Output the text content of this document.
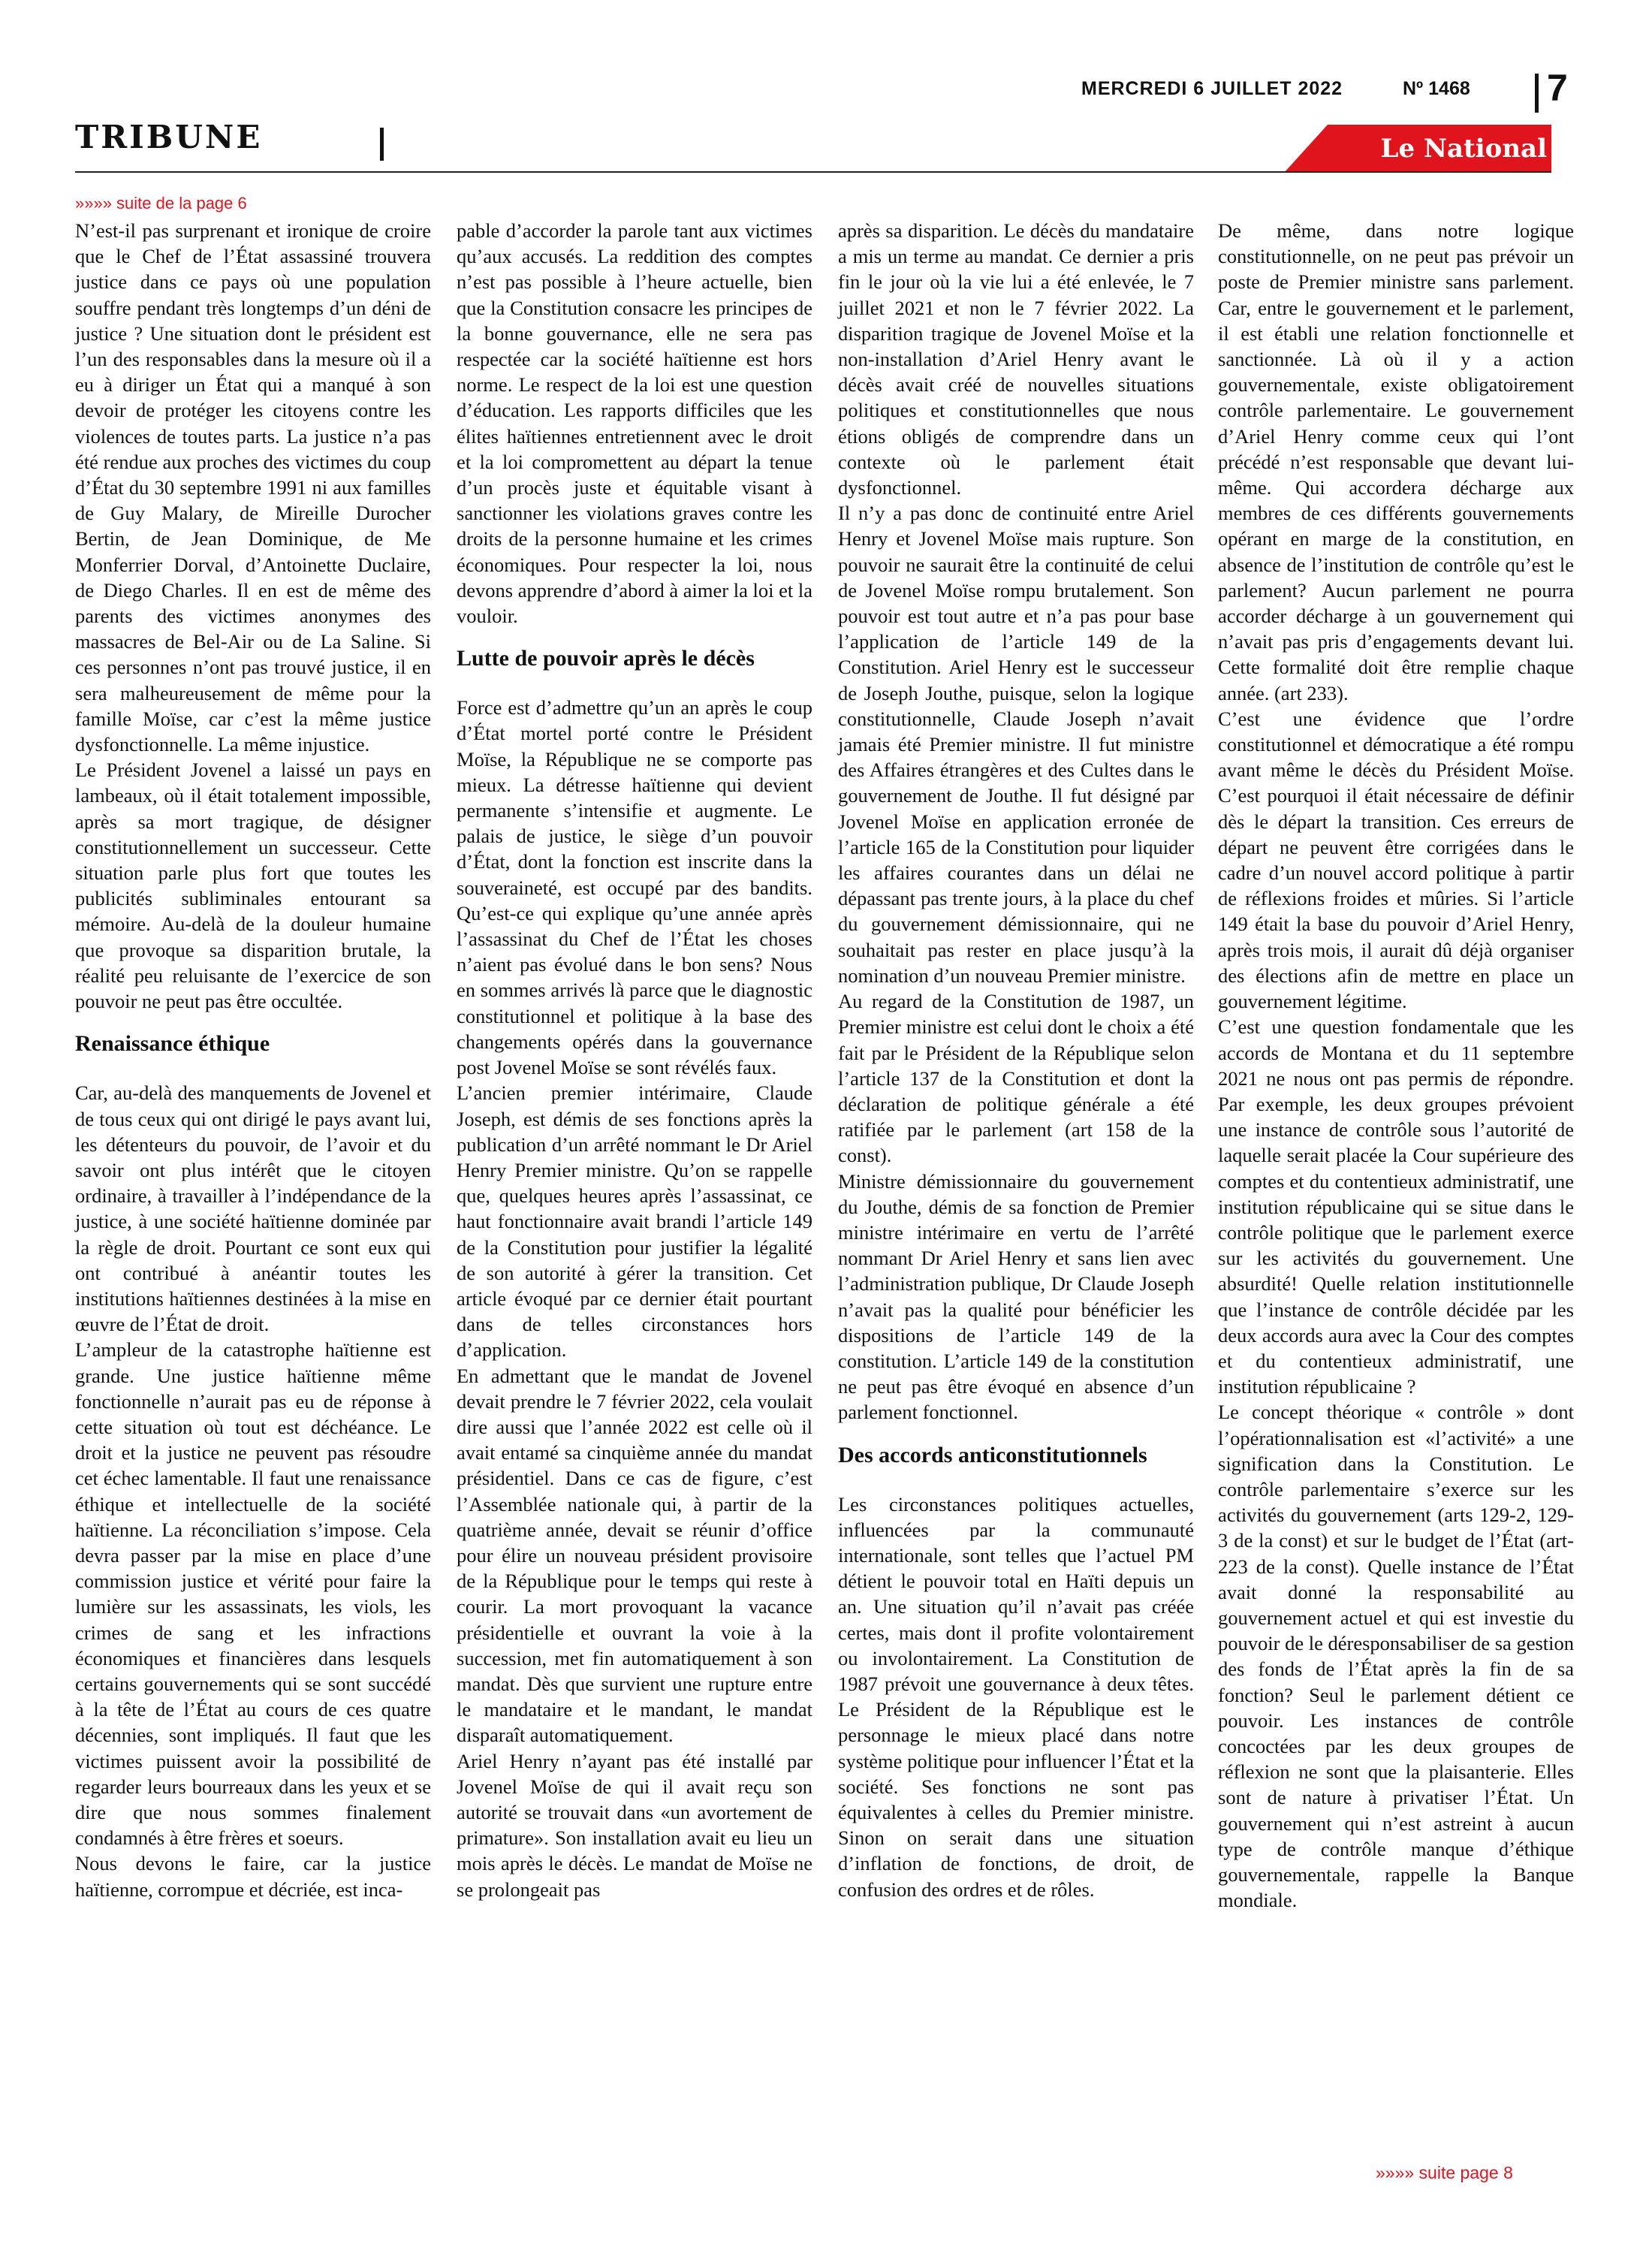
MERCREDI 6 JUILLET 2022	Nº 1468 7
TRIBUNE	Le National
»»»» suite de la page 6

N’est-il pas surprenant et ironique de croire que le Chef de l’État assassiné trouvera justice dans ce pays où une population souffre pendant très longtemps d’un déni de justice ? Une situation dont le président est l’un des responsables dans la mesure où il a eu à diriger un État qui a manqué à son devoir de protéger les citoyens contre les violences de toutes parts. La justice n’a pas été rendue aux proches des victimes du coup d’État du 30 septembre 1991 ni aux familles de Guy Malary, de Mireille Durocher Bertin, de Jean Dominique, de Me Monferrier Dorval, d’Antoinette Duclaire, de Diego Charles. Il en est de même des parents des victimes anonymes des massacres de Bel-Air ou de La Saline. Si ces personnes n’ont pas trouvé justice, il en sera malheureusement de même pour la famille Moïse, car c’est la même justice dysfonctionnelle. La même injustice.

Le Président Jovenel a laissé un pays en lambeaux, où il était totalement impossible, après sa mort tragique, de désigner constitutionnellement un successeur. Cette situation parle plus fort que toutes les publicités subliminales entourant sa mémoire. Au-delà de la douleur humaine que provoque sa disparition brutale, la réalité peu reluisante de l’exercice de son pouvoir ne peut pas être occultée.

Renaissance éthique

Car, au-delà des manquements de Jovenel et de tous ceux qui ont dirigé le pays avant lui, les détenteurs du pouvoir, de l’avoir et du savoir ont plus intérêt que le citoyen ordinaire, à travailler à l’indépendance de la justice, à une société haïtienne dominée par la règle de droit. Pourtant ce sont eux qui ont contribué à anéantir toutes les institutions haïtiennes destinées à la mise en œuvre de l’État de droit.

L’ampleur de la catastrophe haïtienne est grande. Une justice haïtienne même fonctionnelle n’aurait pas eu de réponse à cette situation où tout est déchéance. Le droit et la justice ne peuvent pas résoudre cet échec lamentable. Il faut une renaissance éthique et intellectuelle de la société haïtienne. La réconciliation s’impose. Cela devra passer par la mise en place d’une commission justice et vérité pour faire la lumière sur les assassinats, les viols, les crimes de sang et les infractions économiques et financières dans lesquels certains gouvernements qui se sont succédé à la tête de l’État au cours de ces quatre décennies, sont impliqués. Il faut que les victimes puissent avoir la possibilité de regarder leurs bourreaux dans les yeux et se dire que nous sommes finalement condamnés à être frères et soeurs.

Nous devons le faire, car la justice haïtienne, corrompue et décriée, est inca-

pable d’accorder la parole tant aux victimes qu’aux accusés. La reddition des comptes n’est pas possible à l’heure actuelle, bien que la Constitution consacre les principes de la bonne gouvernance, elle ne sera pas respectée car la société haïtienne est hors norme. Le respect de la loi est une question d’éducation. Les rapports difficiles que les élites haïtiennes entretiennent avec le droit et la loi compromettent au départ la tenue d’un procès juste et équitable visant à sanctionner les violations graves contre les droits de la personne humaine et les crimes économiques. Pour respecter la loi, nous devons apprendre d’abord à aimer la loi et la vouloir.

Lutte de pouvoir après le décès

Force est d’admettre qu’un an après le coup d’État mortel porté contre le Président Moïse, la République ne se comporte pas mieux. La détresse haïtienne qui devient permanente s’intensifie et augmente. Le palais de justice, le siège d’un pouvoir d’État, dont la fonction est inscrite dans la souveraineté, est occupé par des bandits. Qu’est-ce qui explique qu’une année après l’assassinat du Chef de l’État les choses n’aient pas évolué dans le bon sens? Nous en sommes arrivés là parce que le diagnostic constitutionnel et politique à la base des changements opérés dans la gouvernance post Jovenel Moïse se sont révélés faux.

L’ancien premier intérimaire, Claude Joseph, est démis de ses fonctions après la publication d’un arrêté nommant le Dr Ariel Henry Premier ministre. Qu’on se rappelle que, quelques heures après l’assassinat, ce haut fonctionnaire avait brandi l’article 149 de la Constitution pour justifier la légalité de son autorité à gérer la transition. Cet article évoqué par ce dernier était pourtant dans de telles circonstances hors d’application.

En admettant que le mandat de Jovenel devait prendre le 7 février 2022, cela voulait dire aussi que l’année 2022 est celle où il avait entamé sa cinquième année du mandat présidentiel. Dans ce cas de figure, c’est l’Assemblée nationale qui, à partir de la quatrième année, devait se réunir d’office pour élire un nouveau président provisoire de la République pour le temps qui reste à courir. La mort provoquant la vacance présidentielle et ouvrant la voie à la succession, met fin automatiquement à son mandat. Dès que survient une rupture entre le mandataire et le mandant, le mandat disparaît automatiquement.

Ariel Henry n’ayant pas été installé par Jovenel Moïse de qui il avait reçu son autorité se trouvait dans «un avortement de primature». Son installation avait eu lieu un mois après le décès. Le mandat de Moïse ne se prolongeait pas

après sa disparition. Le décès du mandataire a mis un terme au mandat. Ce dernier a pris fin le jour où la vie lui a été enlevée, le 7 juillet 2021 et non le 7 février 2022. La disparition tragique de Jovenel Moïse et la non-installation d’Ariel Henry avant le décès avait créé de nouvelles situations politiques et constitutionnelles que nous étions obligés de comprendre dans un contexte où le parlement était dysfonctionnel.

Il n’y a pas donc de continuité entre Ariel Henry et Jovenel Moïse mais rupture. Son pouvoir ne saurait être la continuité de celui de Jovenel Moïse rompu brutalement. Son pouvoir est tout autre et n’a pas pour base l’application de l’article 149 de la Constitution. Ariel Henry est le successeur de Joseph Jouthe, puisque, selon la logique constitutionnelle, Claude Joseph n’avait jamais été Premier ministre. Il fut ministre des Affaires étrangères et des Cultes dans le gouvernement de Jouthe. Il fut désigné par Jovenel Moïse en application erronée de l’article 165 de la Constitution pour liquider les affaires courantes dans un délai ne dépassant pas trente jours, à la place du chef du gouvernement démissionnaire, qui ne souhaitait pas rester en place jusqu’à la nomination d’un nouveau Premier ministre.

Au regard de la Constitution de 1987, un Premier ministre est celui dont le choix a été fait par le Président de la République selon l’article 137 de la Constitution et dont la déclaration de politique générale a été ratifiée par le parlement (art 158 de la const).

Ministre démissionnaire du gouvernement du Jouthe, démis de sa fonction de Premier ministre intérimaire en vertu de l’arrêté nommant Dr Ariel Henry et sans lien avec l’administration publique, Dr Claude Joseph n’avait pas la qualité pour bénéficier les dispositions de l’article 149 de la constitution. L’article 149 de la constitution ne peut pas être évoqué en absence d’un parlement fonctionnel.

Des accords anticonstitutionnels

Les circonstances politiques actuelles, influencées par la communauté internationale, sont telles que l’actuel PM détient le pouvoir total en Haïti depuis un an. Une situation qu’il n’avait pas créée certes, mais dont il profite volontairement ou involontairement. La Constitution de 1987 prévoit une gouvernance à deux têtes. Le Président de la République est le personnage le mieux placé dans notre système politique pour influencer l’État et la société. Ses fonctions ne sont pas équivalentes à celles du Premier ministre. Sinon on serait dans une situation d’inflation de fonctions, de droit, de confusion des ordres et de rôles.

De même, dans notre logique constitutionnelle, on ne peut pas prévoir un poste de Premier ministre sans parlement. Car, entre le gouvernement et le parlement, il est établi une relation fonctionnelle et sanctionnée. Là où il y a action gouvernementale, existe obligatoirement contrôle parlementaire. Le gouvernement d’Ariel Henry comme ceux qui l’ont précédé n’est responsable que devant lui-même. Qui accordera décharge aux membres de ces différents gouvernements opérant en marge de la constitution, en absence de l’institution de contrôle qu’est le parlement? Aucun parlement ne pourra accorder décharge à un gouvernement qui n’avait pas pris d’engagements devant lui. Cette formalité doit être remplie chaque année. (art 233).

C’est une évidence que l’ordre constitutionnel et démocratique a été rompu avant même le décès du Président Moïse. C’est pourquoi il était nécessaire de définir dès le départ la transition. Ces erreurs de départ ne peuvent être corrigées dans le cadre d’un nouvel accord politique à partir de réflexions froides et mûries. Si l’article 149 était la base du pouvoir d’Ariel Henry, après trois mois, il aurait dû déjà organiser des élections afin de mettre en place un gouvernement légitime.

C’est une question fondamentale que les accords de Montana et du 11 septembre 2021 ne nous ont pas permis de répondre. Par exemple, les deux groupes prévoient une instance de contrôle sous l’autorité de laquelle serait placée la Cour supérieure des comptes et du contentieux administratif, une institution républicaine qui se situe dans le contrôle politique que le parlement exerce sur les activités du gouvernement. Une absurdité! Quelle relation institutionnelle que l’instance de contrôle décidée par les deux accords aura avec la Cour des comptes et du contentieux administratif, une institution républicaine ?

Le concept théorique « contrôle » dont l’opérationnalisation est «l’activité» a une signification dans la Constitution. Le contrôle parlementaire s’exerce sur les activités du gouvernement (arts 129-2, 129-3 de la const) et sur le budget de l’État (art-223 de la const). Quelle instance de l’État avait donné la responsabilité au gouvernement actuel et qui est investie du pouvoir de le déresponsabiliser de sa gestion des fonds de l’État après la fin de sa fonction? Seul le parlement détient ce pouvoir. Les instances de contrôle concoctées par les deux groupes de réflexion ne sont que la plaisanterie. Elles sont de nature à privatiser l’État. Un gouvernement qui n’est astreint à aucun type de contrôle manque d’éthique gouvernementale, rappelle la Banque mondiale.

»»»» suite page 8
